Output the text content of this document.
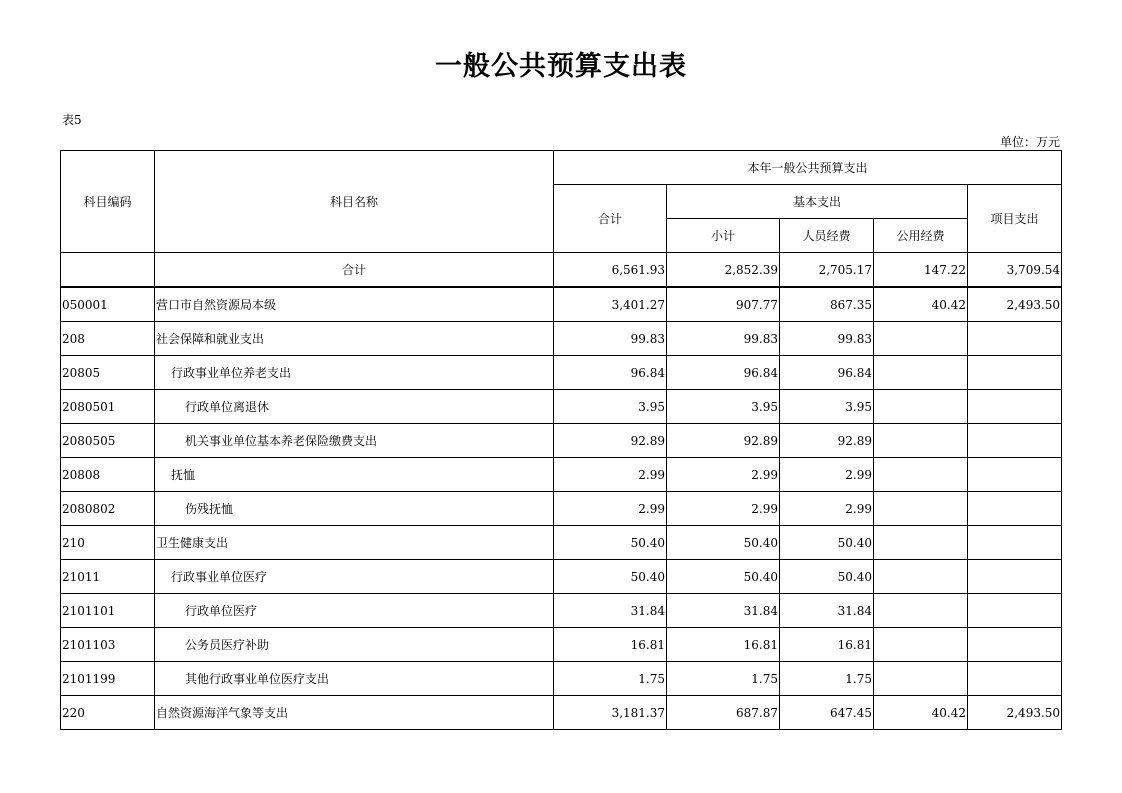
一般公共预算支出表
表5
单位：万元
科目编码	科目名称	本年一般公共预算支出				
		合计	基本支出			项目支出
			小计	人员经费	公用经费	
	合计	6,561.93	2,852.39	2,705.17	147.22	3,709.54
050001	营口市自然资源局本级	3,401.27	907.77	867.35	40.42	2,493.50
208	社会保障和就业支出	99.83	99.83	99.83		
20805	行政事业单位养老支出	96.84	96.84	96.84		
2080501	行政单位离退休	3.95	3.95	3.95		
2080505	机关事业单位基本养老保险缴费支出	92.89	92.89	92.89		
20808	抚恤	2.99	2.99	2.99		
2080802	伤残抚恤	2.99	2.99	2.99		
210	卫生健康支出	50.40	50.40	50.40		
21011	行政事业单位医疗	50.40	50.40	50.40		
2101101	行政单位医疗	31.84	31.84	31.84		
2101103	公务员医疗补助	16.81	16.81	16.81		
2101199	其他行政事业单位医疗支出	1.75	1.75	1.75		
220	自然资源海洋气象等支出	3,181.37	687.87	647.45	40.42	2,493.50
